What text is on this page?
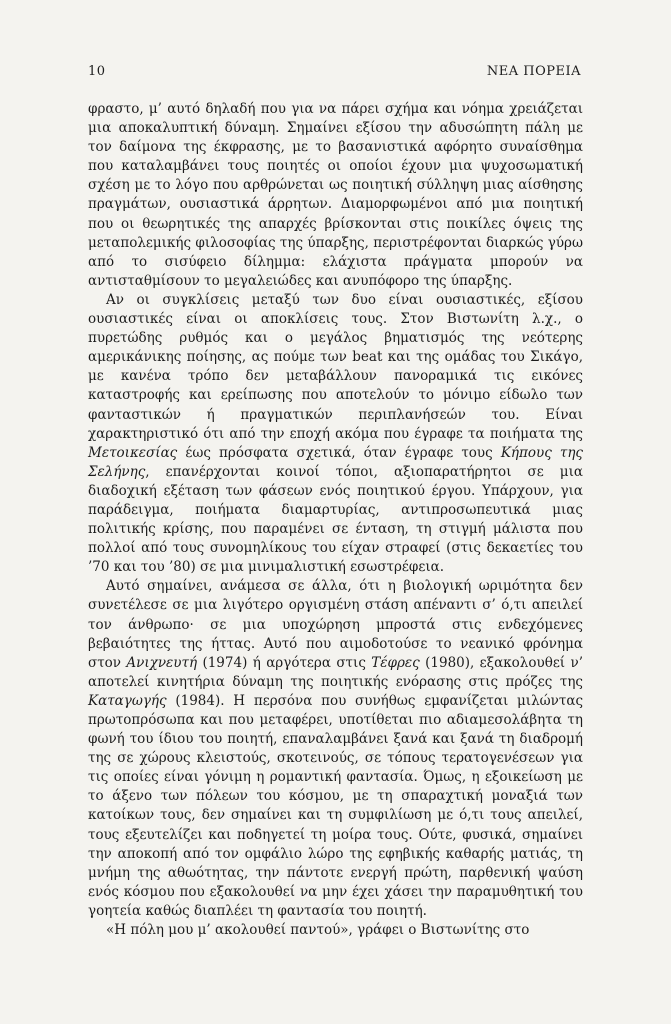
10	ΝΕΑ ΠΟΡΕΙΑ

φραστο, μ’ αυτό δηλαδή που για να πάρει σχήμα και νόημα χρειάζεται μια αποκαλυπτική δύναμη. Σημαίνει εξίσου την αδυσώπητη πάλη με τον δαίμονα της έκφρασης, με το βασανιστικά αφόρητο συναίσθημα που καταλαμβάνει τους ποιητές οι οποίοι έχουν μια ψυχοσωματική σχέση με το λόγο που αρθρώνεται ως ποιητική σύλληψη μιας αίσθησης πραγμάτων, ουσιαστικά άρρητων. Διαμορφωμένοι από μια ποιητική που οι θεωρητικές της απαρχές βρίσκονται στις ποικίλες όψεις της μεταπολεμικής φιλοσοφίας της ύπαρξης, περιστρέφονται διαρκώς γύρω από το σισύφειο δίλημμα: ελάχιστα πράγματα μπορούν να αντισταθμίσουν το μεγαλειώδες και ανυπόφορο της ύπαρξης.

Αν οι συγκλίσεις μεταξύ των δυο είναι ουσιαστικές, εξίσου ουσιαστικές είναι οι αποκλίσεις τους. Στον Βιστωνίτη λ.χ., ο πυρετώδης ρυθμός και ο μεγάλος βηματισμός της νεότερης αμερικάνικης ποίησης, ας πούμε των beat και της ομάδας του Σικάγο, με κανένα τρόπο δεν μεταβάλλουν πανοραμικά τις εικόνες καταστροφής και ερείπωσης που αποτελούν το μόνιμο είδωλο των φανταστικών ή πραγματικών περιπλανήσεών του. Είναι χαρακτηριστικό ότι από την εποχή ακόμα που έγραφε τα ποιήματα της Μετοικεσίας έως πρόσφατα σχετικά, όταν έγραφε τους Κήπους της Σελήνης, επανέρχονται κοινοί τόποι, αξιοπαρατήρητοι σε μια διαδοχική εξέταση των φάσεων ενός ποιητικού έργου. Υπάρχουν, για παράδειγμα, ποιήματα διαμαρτυρίας, αντιπροσωπευτικά μιας πολιτικής κρίσης, που παραμένει σε ένταση, τη στιγμή μάλιστα που πολλοί από τους συνομηλίκους του είχαν στραφεί (στις δεκαετίες του ’70 και του ’80) σε μια μινιμαλιστική εσωστρέφεια.

Αυτό σημαίνει, ανάμεσα σε άλλα, ότι η βιολογική ωριμότητα δεν συνετέλεσε σε μια λιγότερο οργισμένη στάση απέναντι σ’ ό,τι απειλεί τον άνθρωπο· σε μια υποχώρηση μπροστά στις ενδεχόμενες βεβαιότητες της ήττας. Αυτό που αιμοδοτούσε το νεανικό φρόνημα στον Ανιχνευτή (1974) ή αργότερα στις Τέφρες (1980), εξακολουθεί ν’ αποτελεί κινητήρια δύναμη της ποιητικής ενόρασης στις πρόζες της Καταγωγής (1984). Η περσόνα που συνήθως εμφανίζεται μιλώντας πρωτοπρόσωπα και που μεταφέρει, υποτίθεται πιο αδιαμεσολάβητα τη φωνή του ίδιου του ποιητή, επαναλαμβάνει ξανά και ξανά τη διαδρομή της σε χώρους κλειστούς, σκοτεινούς, σε τόπους τερατογενέσεων για τις οποίες είναι γόνιμη η ρομαντική φαντασία. Όμως, η εξοικείωση με το άξενο των πόλεων του κόσμου, με τη σπαραχτική μοναξιά των κατοίκων τους, δεν σημαίνει και τη συμφιλίωση με ό,τι τους απειλεί, τους εξευτελίζει και ποδηγετεί τη μοίρα τους. Ούτε, φυσικά, σημαίνει την αποκοπή από τον ομφάλιο λώρο της εφηβικής καθαρής ματιάς, τη μνήμη της αθωότητας, την πάντοτε ενεργή πρώτη, παρθενική ψαύση ενός κόσμου που εξακολουθεί να μην έχει χάσει την παραμυθητική του γοητεία καθώς διαπλέει τη φαντασία του ποιητή.

«Η πόλη μου μ’ ακολουθεί παντού», γράφει ο Βιστωνίτης στο
